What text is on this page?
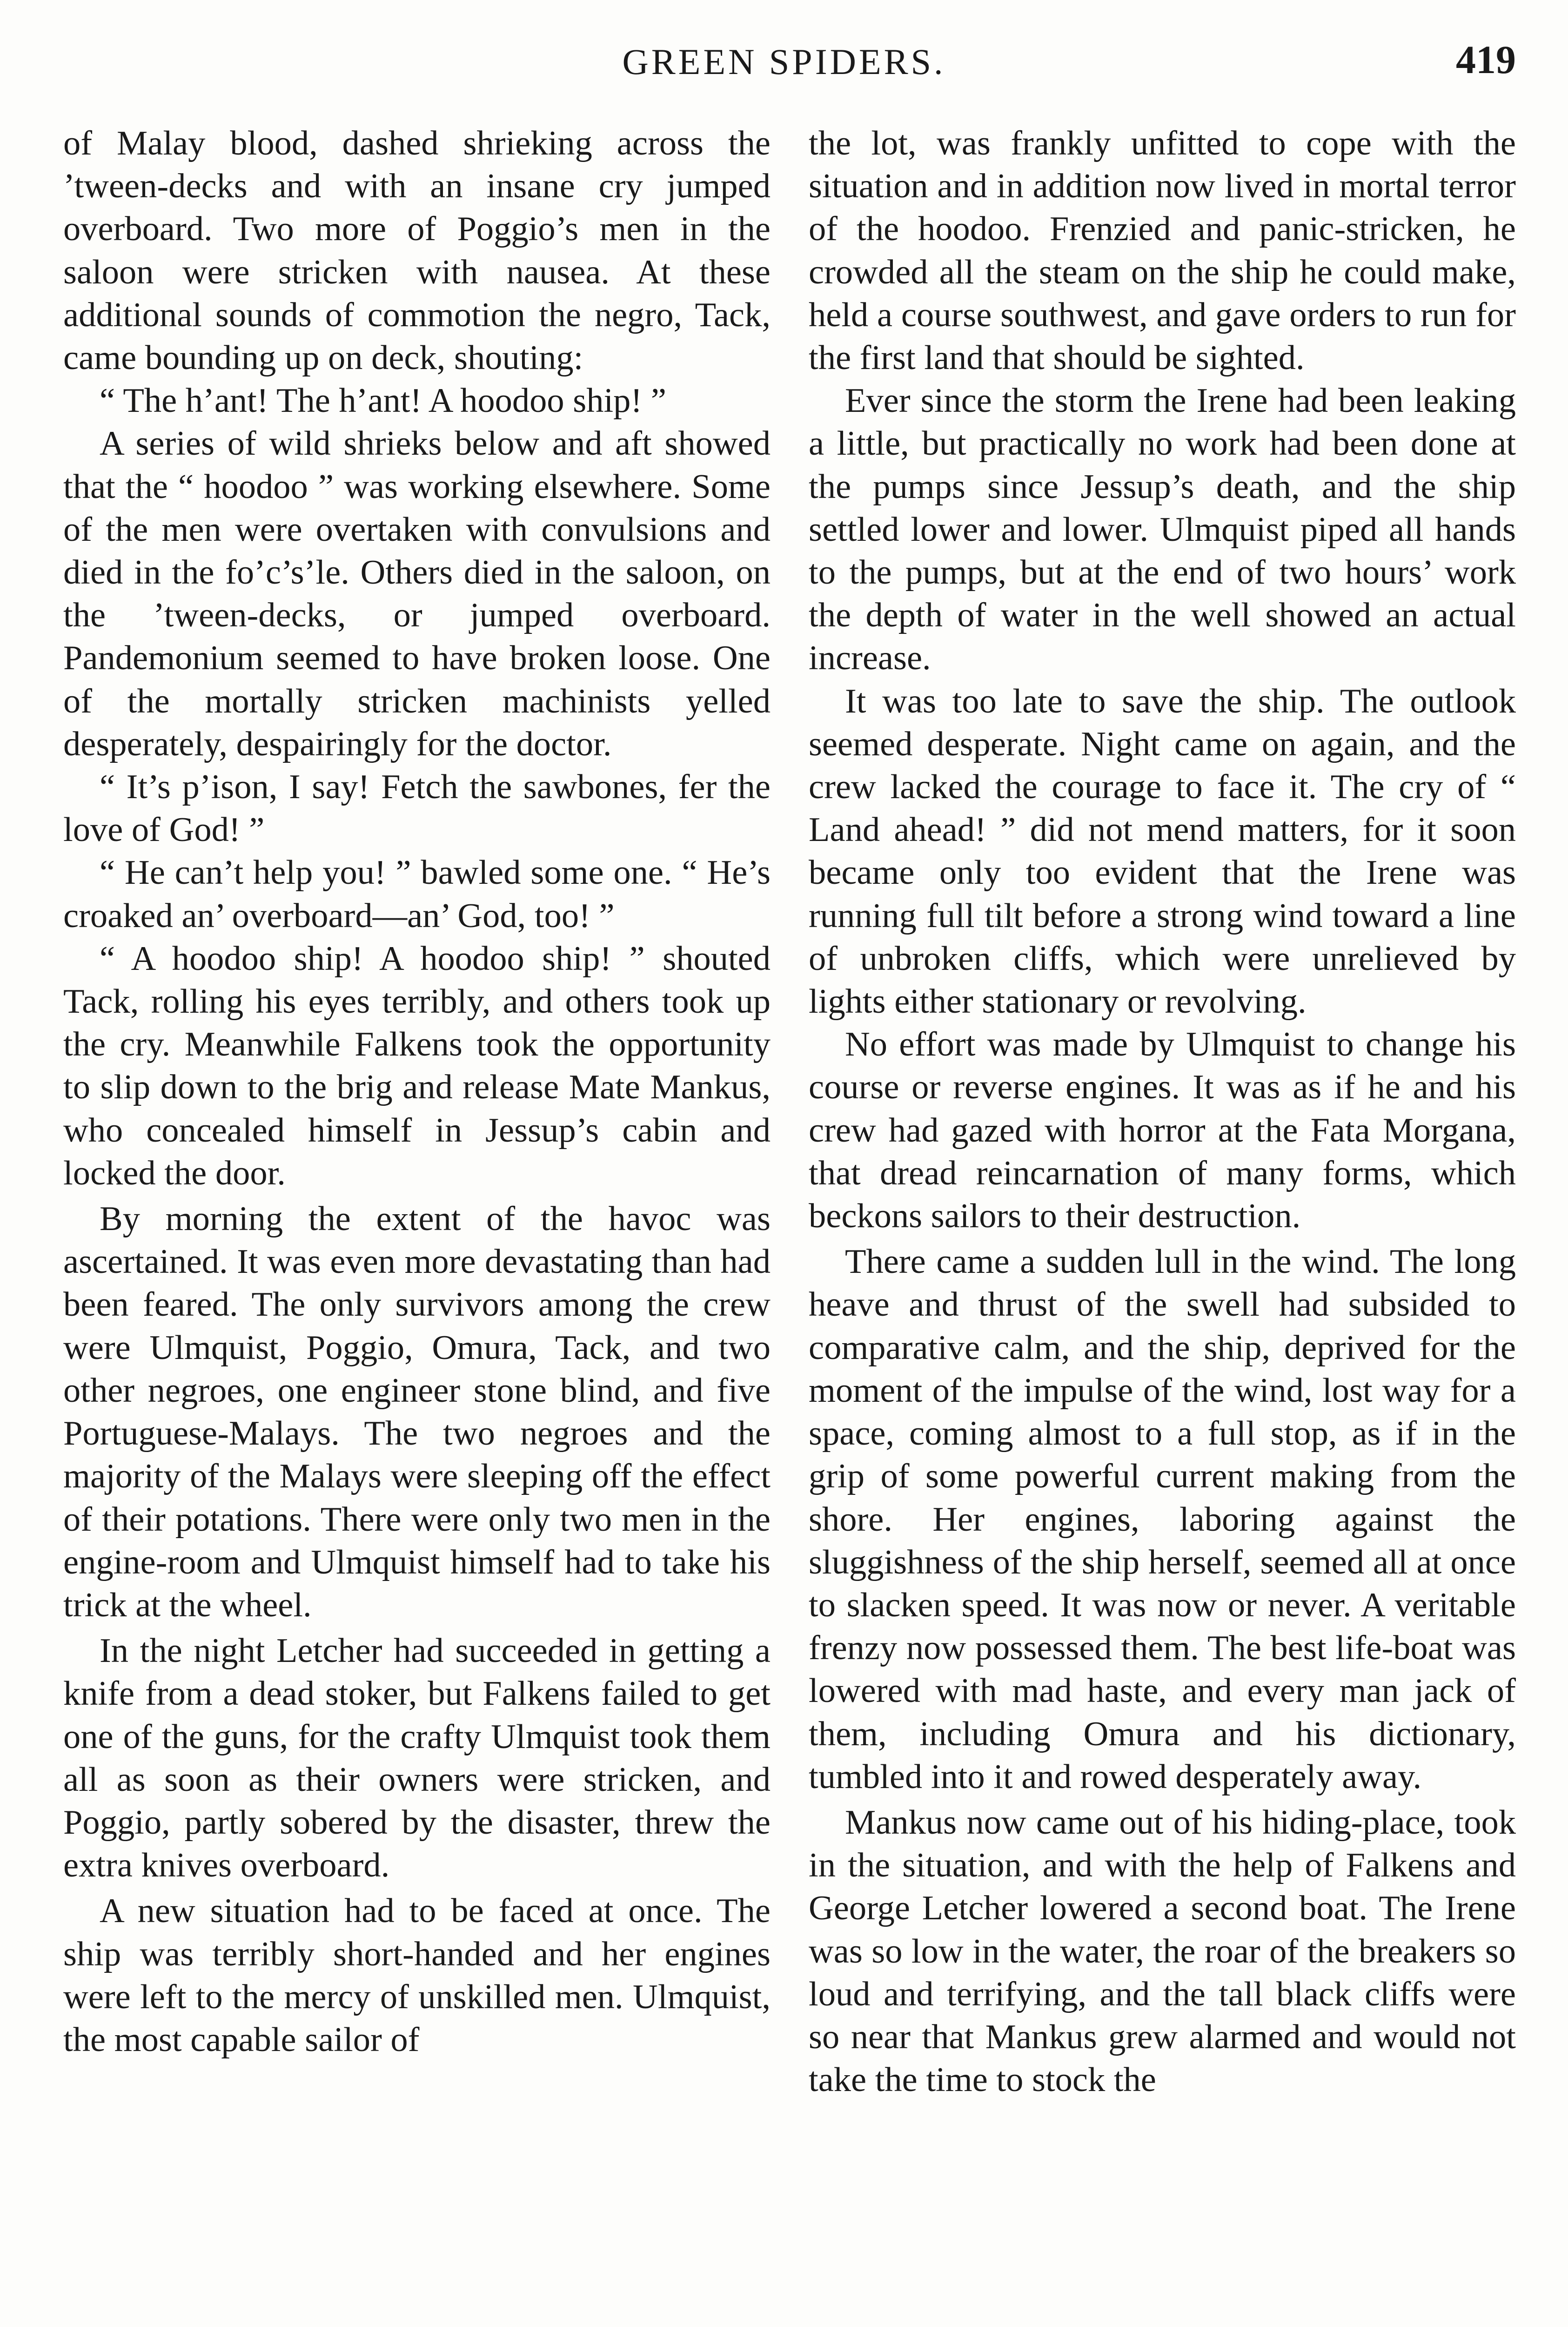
GREEN SPIDERS.	419

of Malay blood, dashed shrieking across the ’tween-decks and with an insane cry jumped overboard. Two more of Poggio’s men in the saloon were stricken with nausea. At these additional sounds of commotion the negro, Tack, came bounding up on deck, shouting:

“ The h’ant! The h’ant! A hoodoo ship! ”

A series of wild shrieks below and aft showed that the “ hoodoo ” was working elsewhere. Some of the men were overtaken with convulsions and died in the fo’c’s’le. Others died in the saloon, on the ’tween-decks, or jumped overboard. Pandemonium seemed to have broken loose. One of the mortally stricken machinists yelled desperately, despairingly for the doctor.

“ It’s p’ison, I say! Fetch the sawbones, fer the love of God! ”

“ He can’t help you! ” bawled some one. “ He’s croaked an’ overboard—an’ God, too! ”

“ A hoodoo ship! A hoodoo ship! ” shouted Tack, rolling his eyes terribly, and others took up the cry. Meanwhile Falkens took the opportunity to slip down to the brig and release Mate Mankus, who concealed himself in Jessup’s cabin and locked the door.

By morning the extent of the havoc was ascertained. It was even more devastating than had been feared. The only survivors among the crew were Ulmquist, Poggio, Omura, Tack, and two other negroes, one engineer stone blind, and five Portuguese-Malays. The two negroes and the majority of the Malays were sleeping off the effect of their potations. There were only two men in the engine-room and Ulmquist himself had to take his trick at the wheel.

In the night Letcher had succeeded in getting a knife from a dead stoker, but Falkens failed to get one of the guns, for the crafty Ulmquist took them all as soon as their owners were stricken, and Poggio, partly sobered by the disaster, threw the extra knives overboard.

A new situation had to be faced at once. The ship was terribly short-handed and her engines were left to the mercy of unskilled men. Ulmquist, the most capable sailor of

the lot, was frankly unfitted to cope with the situation and in addition now lived in mortal terror of the hoodoo. Frenzied and panic-stricken, he crowded all the steam on the ship he could make, held a course southwest, and gave orders to run for the first land that should be sighted.

Ever since the storm the Irene had been leaking a little, but practically no work had been done at the pumps since Jessup’s death, and the ship settled lower and lower. Ulmquist piped all hands to the pumps, but at the end of two hours’ work the depth of water in the well showed an actual increase.

It was too late to save the ship. The outlook seemed desperate. Night came on again, and the crew lacked the courage to face it. The cry of “ Land ahead! ” did not mend matters, for it soon became only too evident that the Irene was running full tilt before a strong wind toward a line of unbroken cliffs, which were unrelieved by lights either stationary or revolving.

No effort was made by Ulmquist to change his course or reverse engines. It was as if he and his crew had gazed with horror at the Fata Morgana, that dread reincarnation of many forms, which beckons sailors to their destruction.

There came a sudden lull in the wind. The long heave and thrust of the swell had subsided to comparative calm, and the ship, deprived for the moment of the impulse of the wind, lost way for a space, coming almost to a full stop, as if in the grip of some powerful current making from the shore. Her engines, laboring against the sluggishness of the ship herself, seemed all at once to slacken speed. It was now or never. A veritable frenzy now possessed them. The best life-boat was lowered with mad haste, and every man jack of them, including Omura and his dictionary, tumbled into it and rowed desperately away.

Mankus now came out of his hiding-place, took in the situation, and with the help of Falkens and George Letcher lowered a second boat. The Irene was so low in the water, the roar of the breakers so loud and terrifying, and the tall black cliffs were so near that Mankus grew alarmed and would not take the time to stock the
